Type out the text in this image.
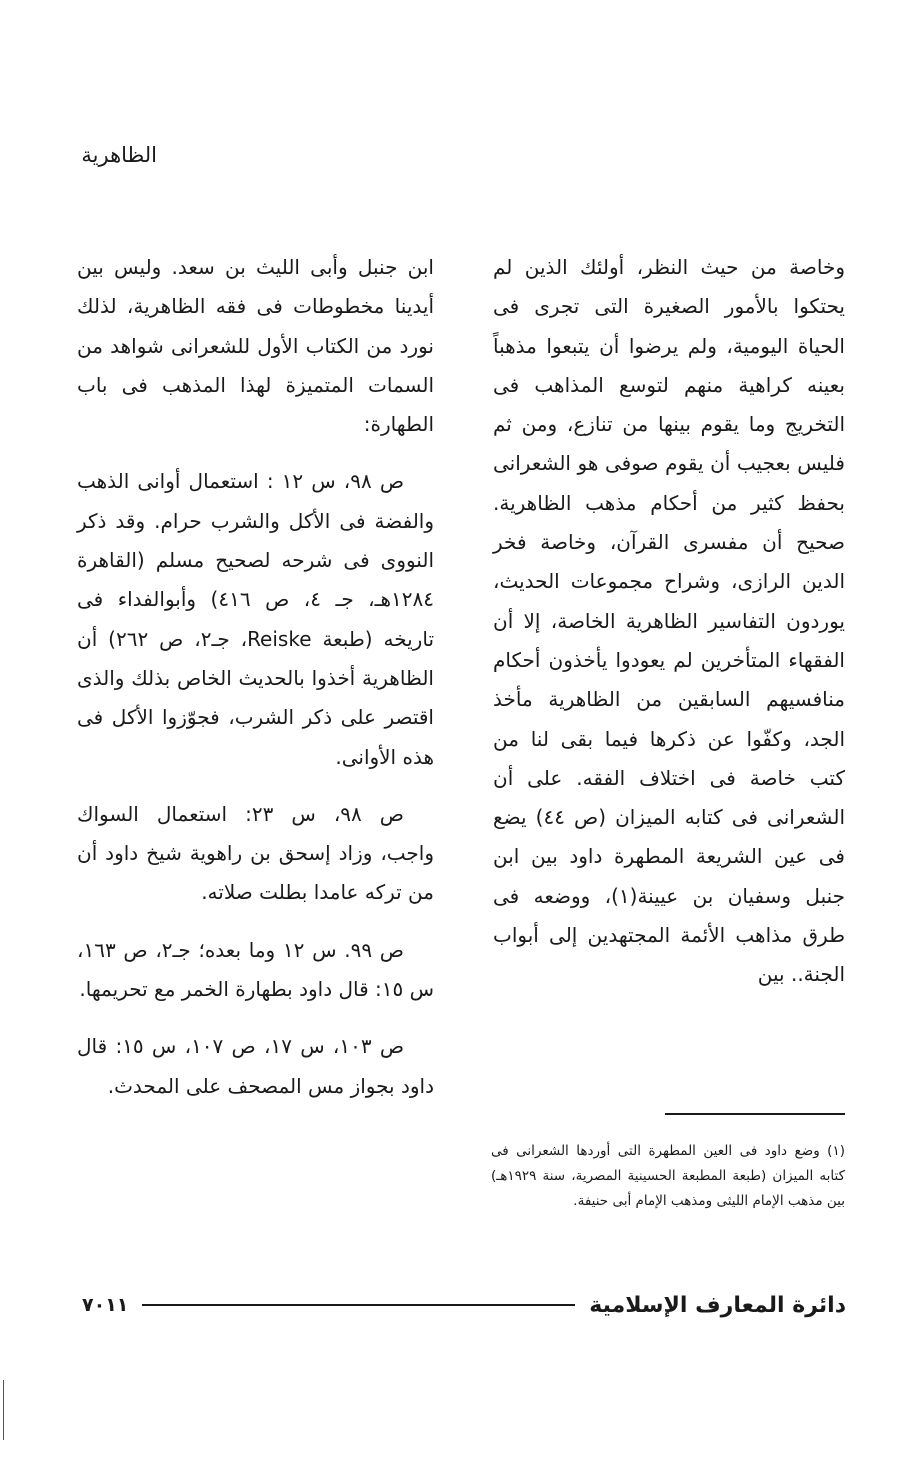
الظاهرية

وخاصة من حيث النظر، أولئك الذين لم يحتكوا بالأمور الصغيرة التى تجرى فى الحياة اليومية، ولم يرضوا أن يتبعوا مذهباً بعينه كراهية منهم لتوسع المذاهب فى التخريج وما يقوم بينها من تنازع، ومن ثم فليس بعجيب أن يقوم صوفى هو الشعرانى بحفظ كثير من أحكام مذهب الظاهرية. صحيح أن مفسرى القرآن، وخاصة فخر الدين الرازى، وشراح مجموعات الحديث، يوردون التفاسير الظاهرية الخاصة، إلا أن الفقهاء المتأخرين لم يعودوا يأخذون أحكام منافسيهم السابقين من الظاهرية مأخذ الجد، وكفّوا عن ذكرها فيما بقى لنا من كتب خاصة فى اختلاف الفقه. على أن الشعرانى فى كتابه الميزان (ص ٤٤) يضع فى عين الشريعة المطهرة داود بين ابن جنبل وسفيان بن عيينة(١)، ووضعه فى طرق مذاهب الأئمة المجتهدين إلى أبواب الجنة.. بين

ابن جنبل وأبى الليث بن سعد. وليس بين أيدينا مخطوطات فى فقه الظاهرية، لذلك نورد من الكتاب الأول للشعرانى شواهد من السمات المتميزة لهذا المذهب فى باب الطهارة:

ص ٩٨، س ١٢ : استعمال أوانى الذهب والفضة فى الأكل والشرب حرام. وقد ذكر النووى فى شرحه لصحيح مسلم (القاهرة ١٢٨٤هـ، جـ ٤، ص ٤١٦) وأبوالفداء فى تاريخه (طبعة Reiske، جـ٢، ص ٢٦٢) أن الظاهرية أخذوا بالحديث الخاص بذلك والذى اقتصر على ذكر الشرب، فجوّزوا الأكل فى هذه الأوانى.

ص ٩٨، س ٢٣: استعمال السواك واجب، وزاد إسحق بن راهوية شيخ داود أن من تركه عامدا بطلت صلاته.

ص ٩٩. س ١٢ وما بعده؛ جـ٢، ص ١٦٣، س ١٥: قال داود بطهارة الخمر مع تحريمها.

ص ١٠٣، س ١٧، ص ١٠٧، س ١٥: قال داود بجواز مس المصحف على المحدث.

(١) وضع داود فى العين المطهرة التى أوردها الشعرانى فى كتابه الميزان (طبعة المطبعة الحسينية المصرية، سنة ١٩٢٩هـ) بين مذهب الإمام الليثى ومذهب الإمام أبى حنيفة.

دائرة المعارف الإسلامية
٧٠١١
